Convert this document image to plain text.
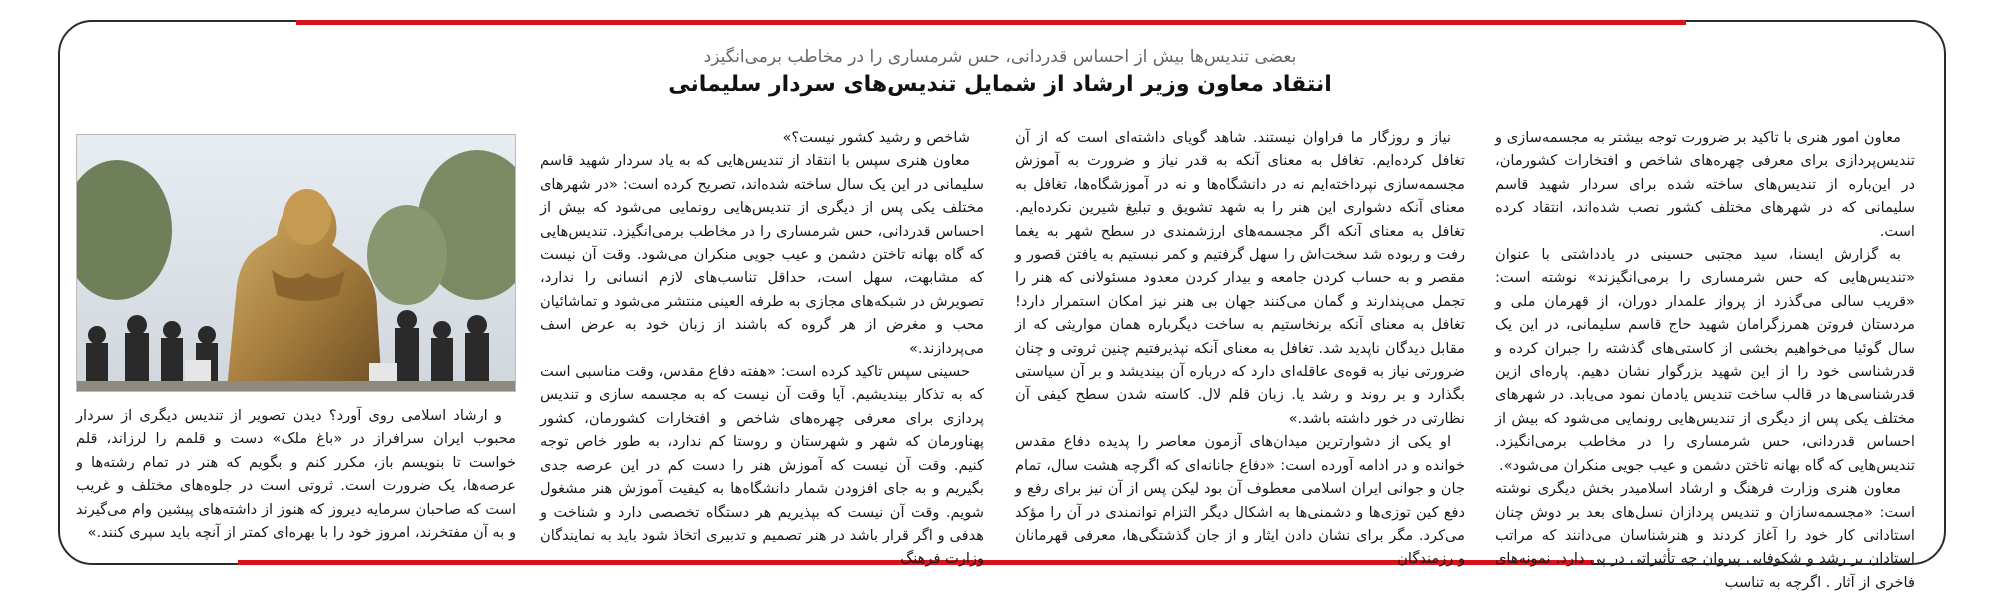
بعضی تندیس‌ها بیش از احساس قدردانی، حس شرمساری را در مخاطب برمی‌انگیزد
انتقاد معاون وزیر ارشاد از شمایل تندیس‌های سردار سلیمانی

معاون امور هنری با تاکید بر ضرورت توجه بیشتر به مجسمه‌سازی و تندیس‌پردازی برای معرفی چهره‌های شاخص و افتخارات کشورمان، در این‌باره از تندیس‌های ساخته شده برای سردار شهید قاسم سلیمانی که در شهرهای مختلف کشور نصب شده‌اند، انتقاد کرده است.

به گزارش ایسنا، سید مجتبی حسینی در یادداشتی با عنوان «تندیس‌هایی که حس شرمساری را برمی‌انگیزند» نوشته است: «قریب سالی می‌گذرد از پرواز علمدار دوران، از قهرمان ملی و مردستان فروتن همرزگرامان شهید حاج قاسم سلیمانی، در این یک سال گوئیا می‌خواهیم بخشی از کاستی‌های گذشته را جبران کرده و قدرشناسی خود را از این شهید بزرگوار نشان دهیم. پاره‌ای ازین قدرشناسی‌ها در قالب ساخت تندیس یادمان نمود می‌یابد. در شهرهای مختلف یکی پس از دیگری از تندیس‌هایی رونمایی می‌شود که بیش از احساس قدردانی، حس شرمساری را در مخاطب برمی‌انگیزد. تندیس‌هایی که گاه بهانه تاختن دشمن و عیب جویی منکران می‌شود».

معاون هنری وزارت فرهنگ و ارشاد اسلامیدر بخش دیگری نوشته است: «مجسمه‌سازان و تندیس پردازان نسل‌های بعد بر دوش چنان استادانی کار خود را آغاز کردند و هنرشناسان می‌دانند که مراتب استادان بر رشد و شکوفایی پیروان چه تأثیراتی در پی دارد. نمونه‌های فاخری از آثار . اگرچه به تناسب

نیاز و روزگار ما فراوان نیستند. شاهد گویای داشته‌ای است که از آن تغافل کرده‌ایم. تغافل به معنای آنکه به قدر نیاز و ضرورت به آموزش مجسمه‌سازی نپرداخته‌ایم نه در دانشگاه‌ها و نه در آموزشگاه‌ها، تغافل به معنای آنکه دشواری این هنر را به شهد تشویق و تبلیغ شیرین نکرده‌ایم. تغافل به معنای آنکه اگر مجسمه‌های ارزشمندی در سطح شهر به یغما رفت و ربوده شد سخت‌اش را سهل گرفتیم و کمر نبستیم به یافتن قصور و مقصر و به حساب کردن جامعه و بیدار کردن معدود مسئولانی که هنر را تجمل می‌پندارند و گمان می‌کنند جهان بی هنر نیز امکان استمرار دارد! تغافل به معنای آنکه برنخاستیم به ساخت دیگرباره همان مواریثی که از مقابل دیدگان ناپدید شد. تغافل به معنای آنکه نپذیرفتیم چنین ثروتی و چنان ضرورتی نیاز به قوه‌ی عاقله‌ای دارد که درباره آن بیندیشد و بر آن سیاستی بگذارد و بر روند و رشد یا. زبان قلم لال. کاسته شدن سطح کیفی آن نظارتی در خور داشته باشد.»

او یکی از دشوارترین میدان‌های آزمون معاصر را پدیده دفاع مقدس خوانده و در ادامه آورده است: «دفاع جانانه‌ای که اگرچه هشت سال، تمام جان و جوانی ایران اسلامی معطوف آن بود لیکن پس از آن نیز برای رفع و دفع کین توزی‌ها و دشمنی‌ها به اشکال دیگر التزام توانمندی در آن را مؤکد می‌کرد. مگر برای نشان دادن ایثار و از جان گذشتگی‌ها، معرفی قهرمانان و رزمندگان

شاخص و رشید کشور نیست؟»

معاون هنری سپس با انتقاد از تندیس‌هایی که به یاد سردار شهید قاسم سلیمانی در این یک سال ساخته شده‌اند، تصریح کرده است: «در شهرهای مختلف یکی پس از دیگری از تندیس‌هایی رونمایی می‌شود که بیش از احساس قدردانی، حس شرمساری را در مخاطب برمی‌انگیزد. تندیس‌هایی که گاه بهانه تاختن دشمن و عیب جویی منکران می‌شود. وقت آن نیست که مشابهت، سهل است، حداقل تناسب‌های لازم انسانی را ندارد، تصویرش در شبکه‌های مجازی به طرفه العینی منتشر می‌شود و تماشائیان محب و مغرض از هر گروه که باشند از زبان خود به عرض اسف می‌پردازند.»

حسینی سپس تاکید کرده است: «هفته دفاع مقدس، وقت مناسبی است که به تذکار بیندیشیم. آیا وقت آن نیست که به مجسمه سازی و تندیس پردازی برای معرفی چهره‌های شاخص و افتخارات کشورمان، کشور پهناورمان که شهر و شهرستان و روستا کم ندارد، به طور خاص توجه کنیم. وقت آن نیست که آموزش هنر را دست کم در این عرصه جدی بگیریم و به جای افزودن شمار دانشگاه‌ها به کیفیت آموزش هنر مشغول شویم. وقت آن نیست که بپذیریم هر دستگاه تخصصی دارد و شناخت و هدفی و اگر قرار باشد در هنر تصمیم و تدبیری اتخاذ شود باید به نمایندگان وزارت فرهنگ

و ارشاد اسلامی روی آورد؟ دیدن تصویر از تندیس دیگری از سردار محبوب ایران سرافراز در «باغ ملک» دست و قلمم را لرزاند، قلم خواست تا بنویسم باز، مکرر کنم و بگویم که هنر در تمام رشته‌ها و عرصه‌ها، یک ضرورت است. ثروتی است در جلوه‌های مختلف و غریب است که صاحبان سرمایه دیروز که هنوز از داشته‌های پیشین وام می‌گیرند و به آن مفتخرند، امروز خود را با بهره‌ای کمتر از آنچه باید سپری کنند.»
